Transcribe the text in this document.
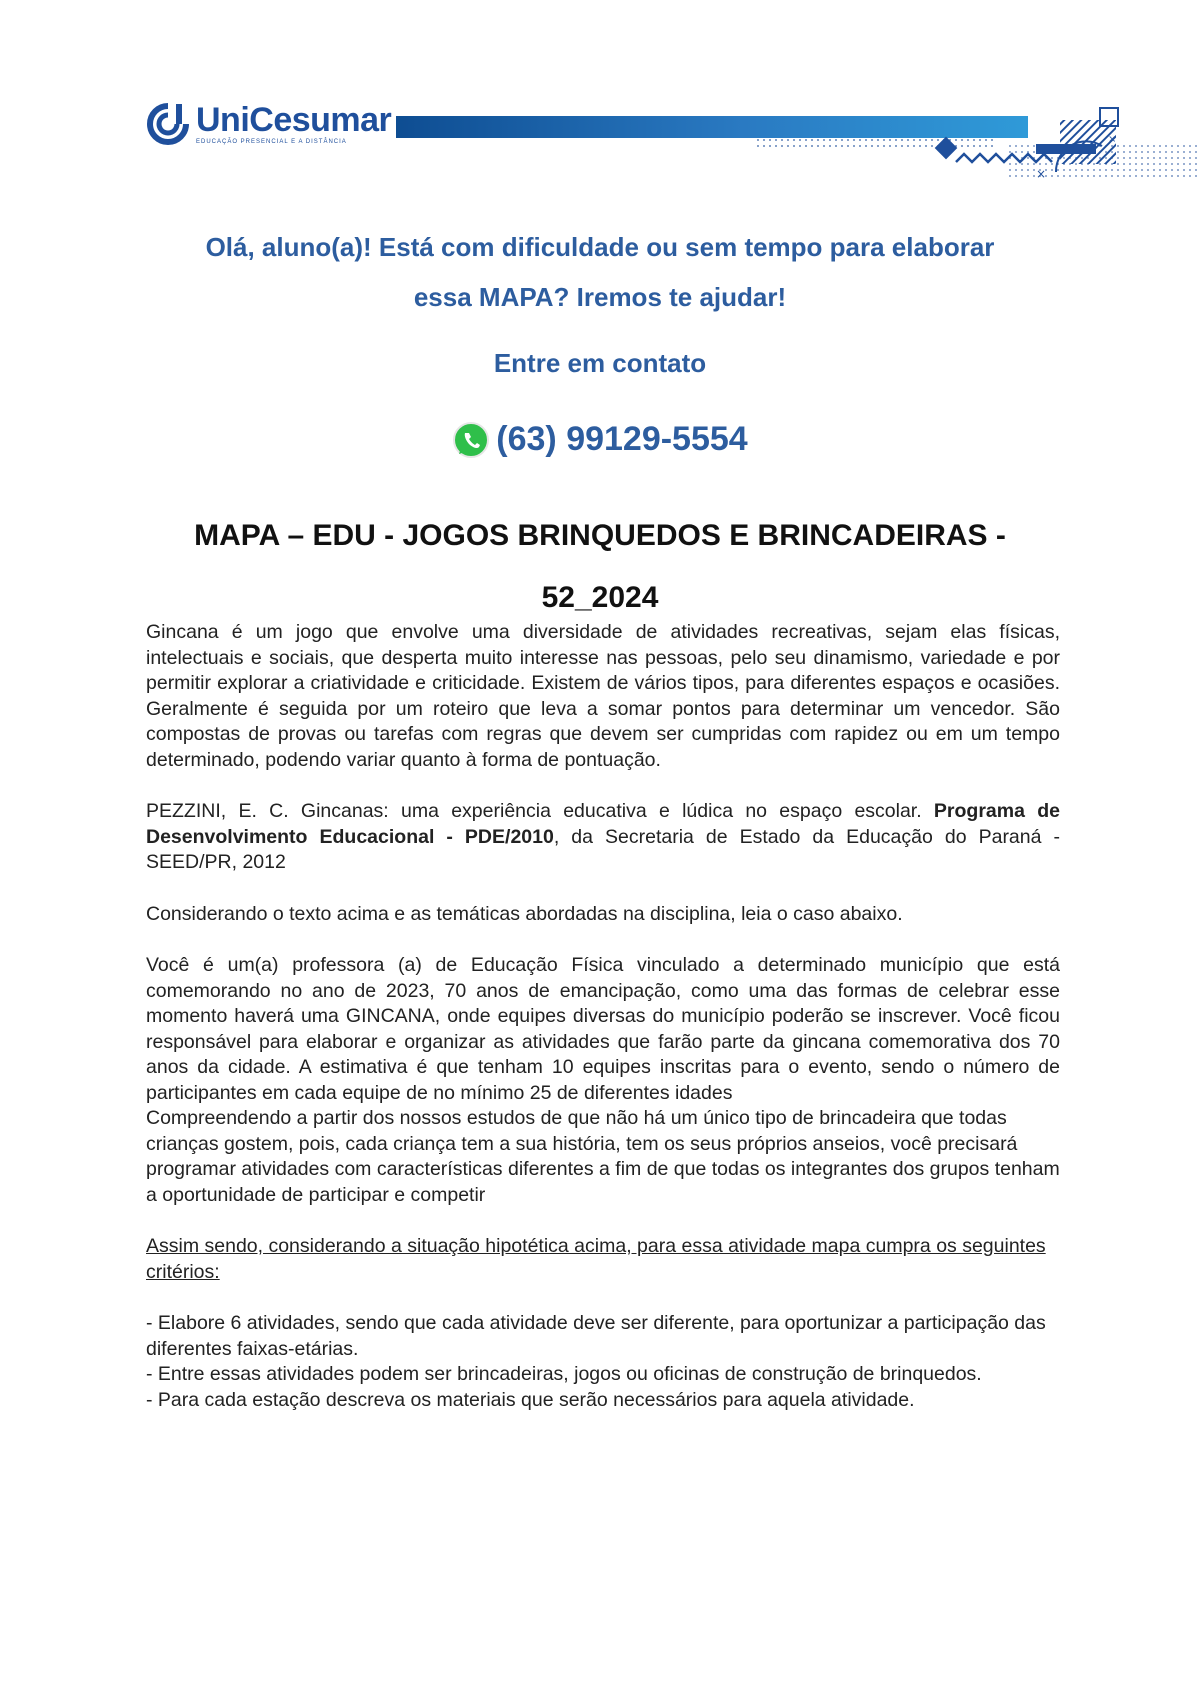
UniCesumar
EDUCAÇÃO PRESENCIAL E A DISTÂNCIA	×
×
Olá, aluno(a)! Está com dificuldade ou sem tempo para elaborar
essa MAPA? Iremos te ajudar!
Entre em contato
(63) 99129-5554
MAPA – EDU - JOGOS BRINQUEDOS E BRINCADEIRAS -
52_2024

Gincana é um jogo que envolve uma diversidade de atividades recreativas, sejam elas físicas, intelectuais e sociais, que desperta muito interesse nas pessoas, pelo seu dinamismo, variedade e por permitir explorar a criatividade e criticidade. Existem de vários tipos, para diferentes espaços e ocasiões. Geralmente é seguida por um roteiro que leva a somar pontos para determinar um vencedor. São compostas de provas ou tarefas com regras que devem ser cumpridas com rapidez ou em um tempo determinado, podendo variar quanto à forma de pontuação.

PEZZINI, E. C. Gincanas: uma experiência educativa e lúdica no espaço escolar. Programa de Desenvolvimento Educacional - PDE/2010, da Secretaria de Estado da Educação do Paraná - SEED/PR, 2012

Considerando o texto acima e as temáticas abordadas na disciplina, leia o caso abaixo.

Você é um(a) professora (a) de Educação Física vinculado a determinado município que está comemorando no ano de 2023, 70 anos de emancipação, como uma das formas de celebrar esse momento haverá uma GINCANA, onde equipes diversas do município poderão se inscrever. Você ficou responsável para elaborar e organizar as atividades que farão parte da gincana comemorativa dos 70 anos da cidade. A estimativa é que tenham 10 equipes inscritas para o evento, sendo o número de participantes em cada equipe de no mínimo 25 de diferentes idades

Compreendendo a partir dos nossos estudos de que não há um único tipo de brincadeira que todas crianças gostem, pois, cada criança tem a sua história, tem os seus próprios anseios, você precisará programar atividades com características diferentes a fim de que todas os integrantes dos grupos tenham a oportunidade de participar e competir

Assim sendo, considerando a situação hipotética acima, para essa atividade mapa cumpra os seguintes critérios:

- Elabore 6 atividades, sendo que cada atividade deve ser diferente, para oportunizar a participação das diferentes faixas-etárias.

- Entre essas atividades podem ser brincadeiras, jogos ou oficinas de construção de brinquedos.

- Para cada estação descreva os materiais que serão necessários para aquela atividade.
